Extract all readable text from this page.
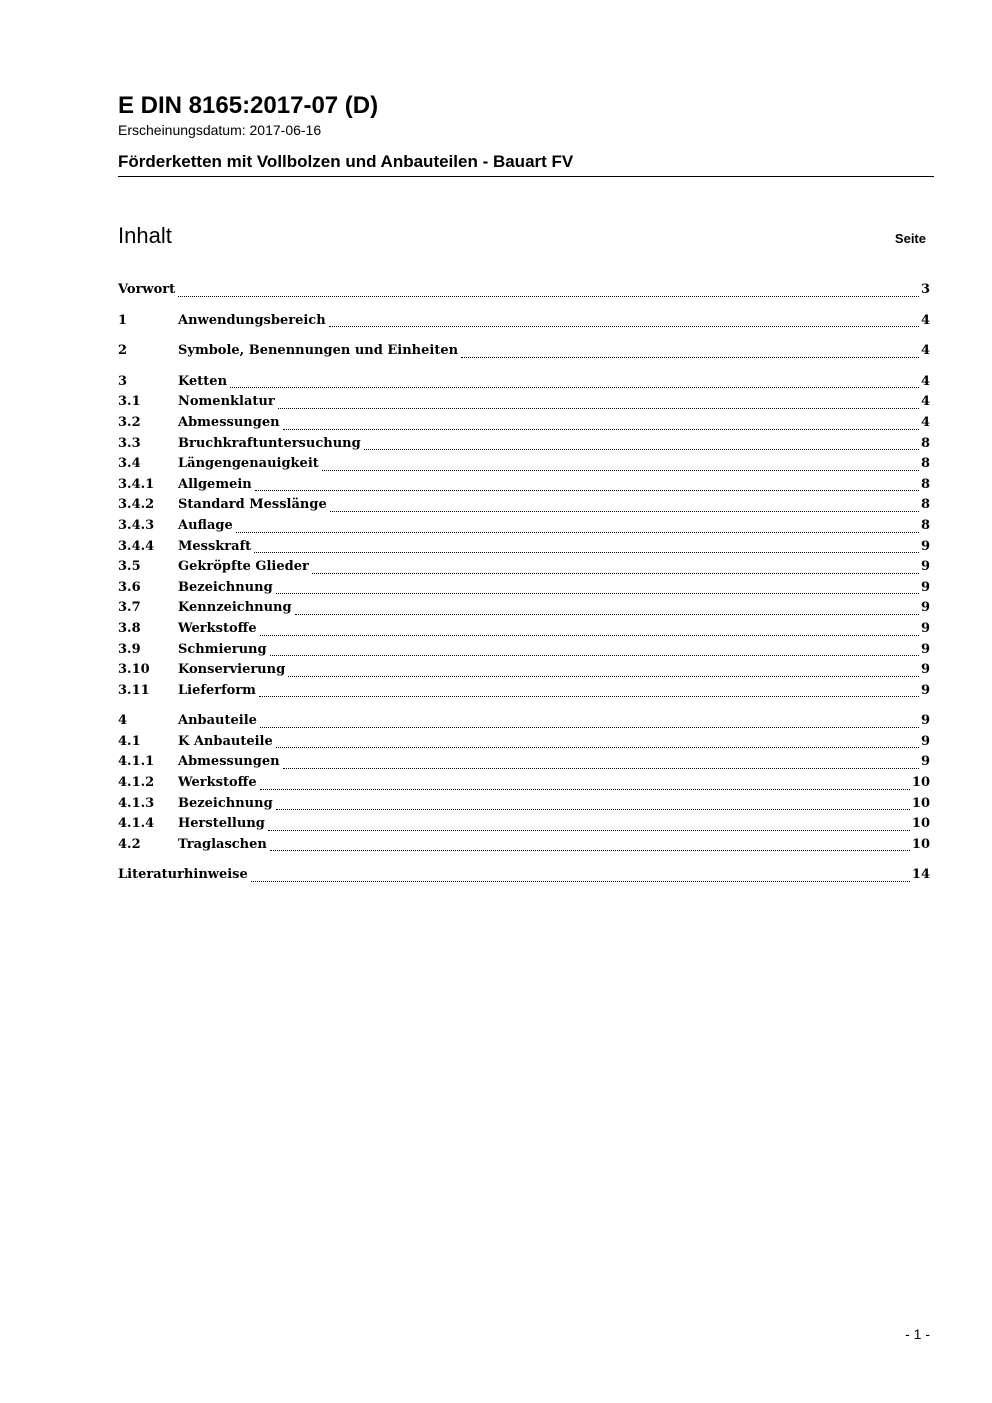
E DIN 8165:2017-07 (D)
Erscheinungsdatum: 2017-06-16
Förderketten mit Vollbolzen und Anbauteilen - Bauart FV
Inhalt	Seite
Vorwort	3
1	Anwendungsbereich	4
2	Symbole, Benennungen und Einheiten	4
3	Ketten	4
3.1	Nomenklatur	4
3.2	Abmessungen	4
3.3	Bruchkraftuntersuchung	8
3.4	Längengenauigkeit	8
3.4.1	Allgemein	8
3.4.2	Standard Messlänge	8
3.4.3	Auflage	8
3.4.4	Messkraft	9
3.5	Gekröpfte Glieder	9
3.6	Bezeichnung	9
3.7	Kennzeichnung	9
3.8	Werkstoffe	9
3.9	Schmierung	9
3.10	Konservierung	9
3.11	Lieferform	9
4	Anbauteile	9
4.1	K Anbauteile	9
4.1.1	Abmessungen	9
4.1.2	Werkstoffe	10
4.1.3	Bezeichnung	10
4.1.4	Herstellung	10
4.2	Traglaschen	10
Literaturhinweise	14
- 1 -
